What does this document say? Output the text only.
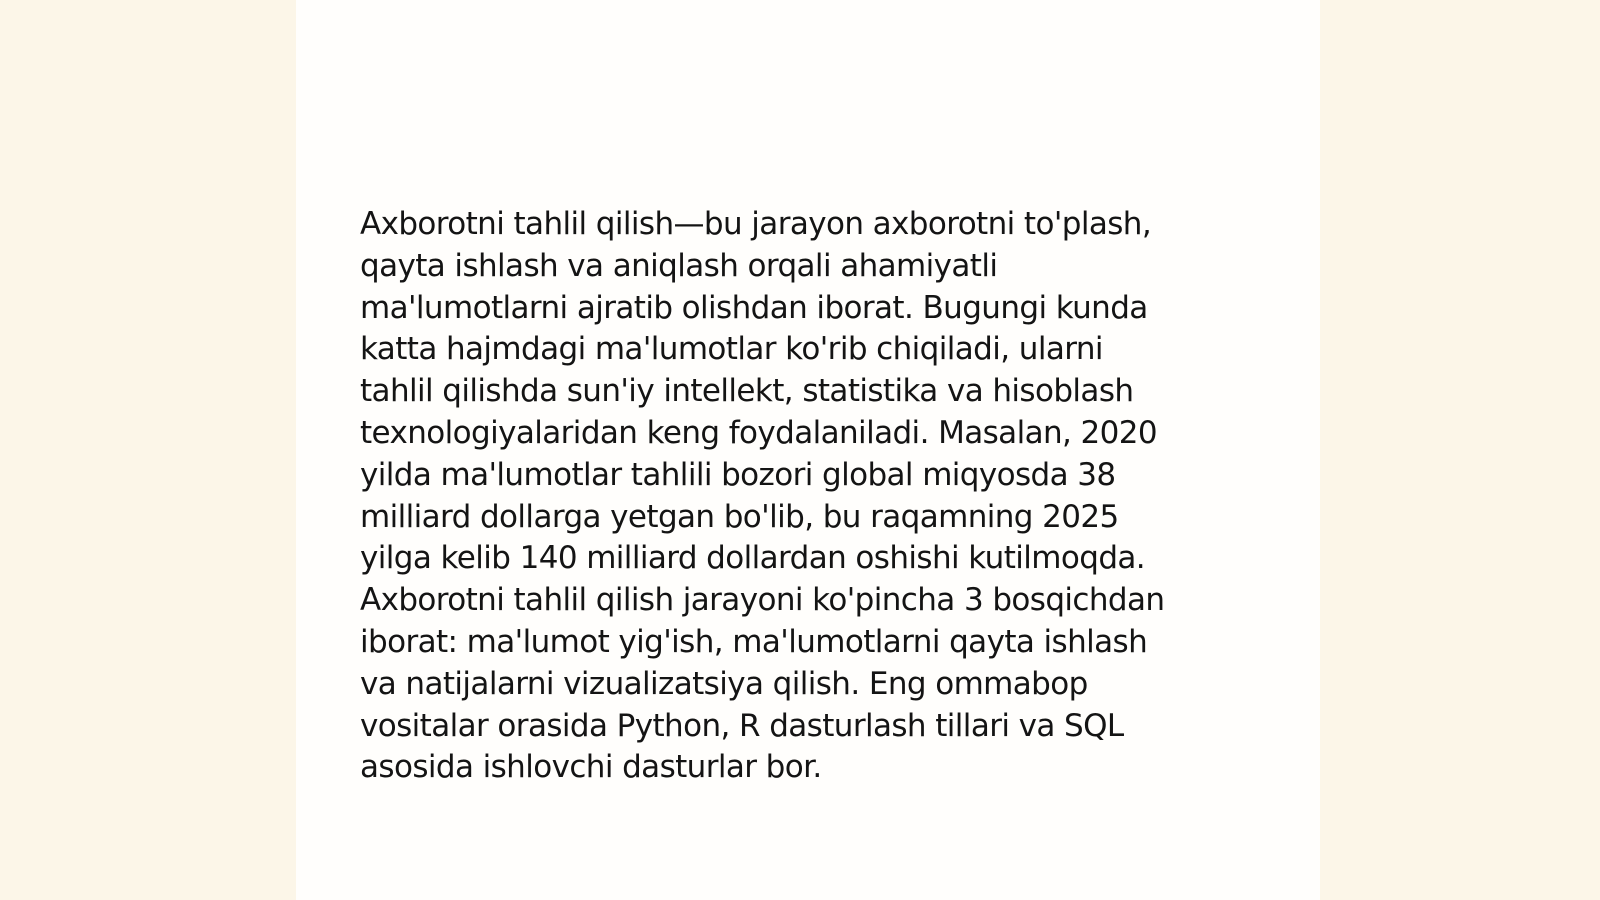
Axborotni tahlil qilish—bu jarayon axborotni to'plash,
qayta ishlash va aniqlash orqali ahamiyatli
ma'lumotlarni ajratib olishdan iborat. Bugungi kunda
katta hajmdagi ma'lumotlar ko'rib chiqiladi, ularni
tahlil qilishda sun'iy intellekt, statistika va hisoblash
texnologiyalaridan keng foydalaniladi. Masalan, 2020
yilda ma'lumotlar tahlili bozori global miqyosda 38
milliard dollarga yetgan bo'lib, bu raqamning 2025
yilga kelib 140 milliard dollardan oshishi kutilmoqda.
Axborotni tahlil qilish jarayoni ko'pincha 3 bosqichdan
iborat: ma'lumot yig'ish, ma'lumotlarni qayta ishlash
va natijalarni vizualizatsiya qilish. Eng ommabop
vositalar orasida Python, R dasturlash tillari va SQL
asosida ishlovchi dasturlar bor.
